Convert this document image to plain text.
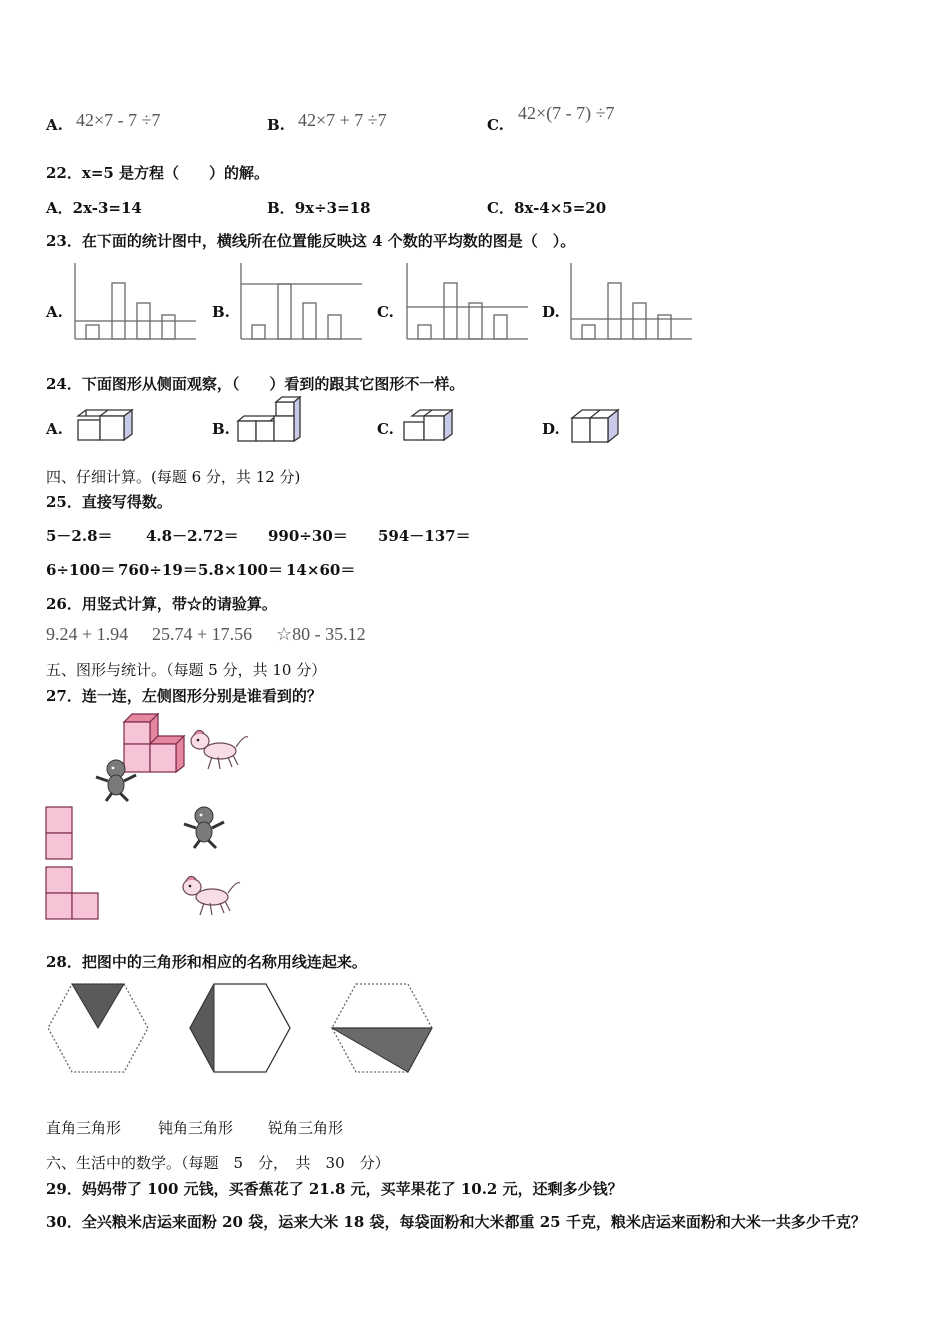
A. 42×7 - 7 ÷7	B. 42×7 + 7 ÷7	C.
42×(7 - 7) ÷7
22．x=5 是方程（　　）的解。
A．2x-3=14	B．9x÷3=18	C．8x-4×5=20
23．在下面的统计图中，横线所在位置能反映这 4 个数的平均数的图是（　）。
A.	B.	C.	D.
24．下面图形从侧面观察，（　　）看到的跟其它图形不一样。
A.	B.	C.	D.
四、仔细计算。(每题 6 分，共 12 分)
25．直接写得数。
5－2.8＝ 4.8－2.72＝ 990÷30＝ 594－137＝
6÷100＝ 760÷19＝ 5.8×100＝ 14×60＝
26．用竖式计算，带☆的请验算。
9.24 + 1.94 25.74 + 17.56 ☆80 - 35.12
五、图形与统计。（每题 5 分，共 10 分）
27．连一连，左侧图形分别是谁看到的？
28．把图中的三角形和相应的名称用线连起来。
直角三角形 钝角三角形 锐角三角形
六、生活中的数学。（每题　5　分，　共　30　分）
29．妈妈带了 100 元钱，买香蕉花了 21.8 元，买苹果花了 10.2 元，还剩多少钱？
30．全兴粮米店运来面粉 20 袋，运来大米 18 袋，每袋面粉和大米都重 25 千克，粮米店运来面粉和大米一共多少千克？
